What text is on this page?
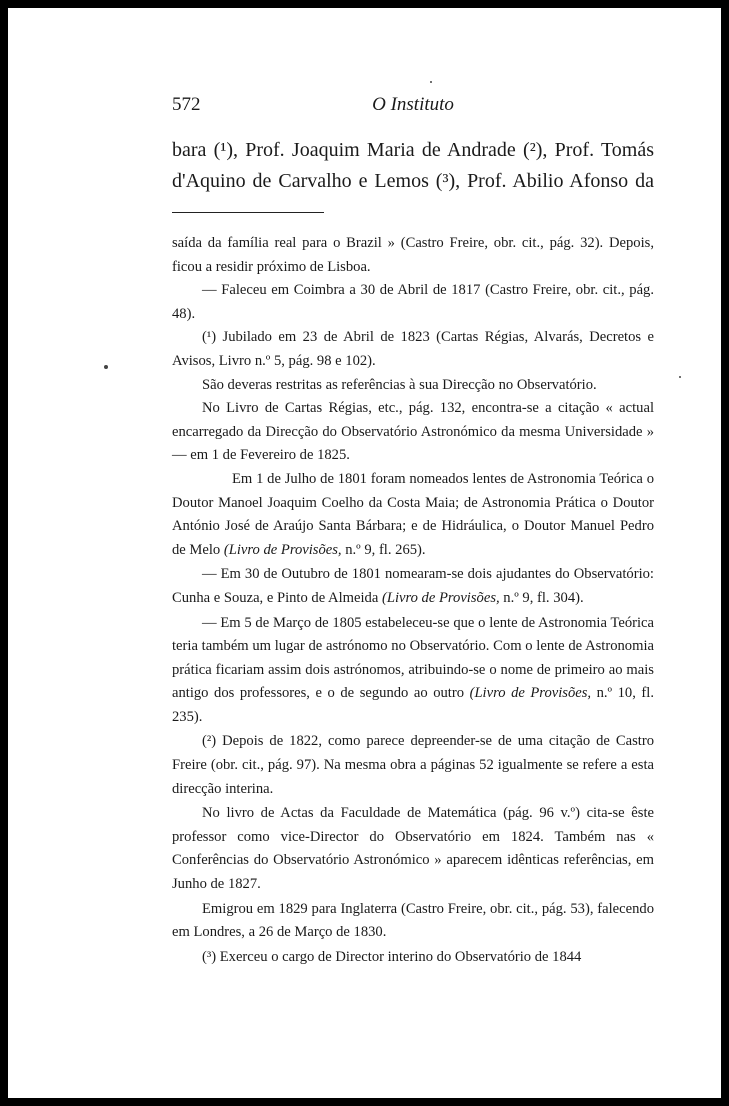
572	O Instituto

bara (¹), Prof. Joaquim Maria de Andrade (²), Prof. Tomás d'Aquino de Carvalho e Lemos (³), Prof. Abilio Afonso da

saída da família real para o Brazil » (Castro Freire, obr. cit., pág. 32). Depois, ficou a residir próximo de Lisboa.

— Faleceu em Coimbra a 30 de Abril de 1817 (Castro Freire, obr. cit., pág. 48).

(¹) Jubilado em 23 de Abril de 1823 (Cartas Régias, Alvarás, Decretos e Avisos, Livro n.º 5, pág. 98 e 102).

São deveras restritas as referências à sua Direcção no Observatório.

No Livro de Cartas Régias, etc., pág. 132, encontra-se a citação « actual encarregado da Direcção do Observatório Astronómico da mesma Universidade » — em 1 de Fevereiro de 1825.

Em 1 de Julho de 1801 foram nomeados lentes de Astronomia Teórica o Doutor Manoel Joaquim Coelho da Costa Maia; de Astronomia Prática o Doutor António José de Araújo Santa Bárbara; e de Hidráulica, o Doutor Manuel Pedro de Melo (Livro de Provisões, n.º 9, fl. 265).

— Em 30 de Outubro de 1801 nomearam-se dois ajudantes do Observatório: Cunha e Souza, e Pinto de Almeida (Livro de Provisões, n.º 9, fl. 304).

— Em 5 de Março de 1805 estabeleceu-se que o lente de Astronomia Teórica teria também um lugar de astrónomo no Observatório. Com o lente de Astronomia prática ficariam assim dois astrónomos, atribuindo-se o nome de primeiro ao mais antigo dos professores, e o de segundo ao outro (Livro de Provisões, n.º 10, fl. 235).

(²) Depois de 1822, como parece depreender-se de uma citação de Castro Freire (obr. cit., pág. 97). Na mesma obra a páginas 52 igualmente se refere a esta direcção interina.

No livro de Actas da Faculdade de Matemática (pág. 96 v.º) cita-se êste professor como vice-Director do Observatório em 1824. Também nas « Conferências do Observatório Astronómico » aparecem idênticas referências, em Junho de 1827.

Emigrou em 1829 para Inglaterra (Castro Freire, obr. cit., pág. 53), falecendo em Londres, a 26 de Março de 1830.

(³) Exerceu o cargo de Director interino do Observatório de 1844
